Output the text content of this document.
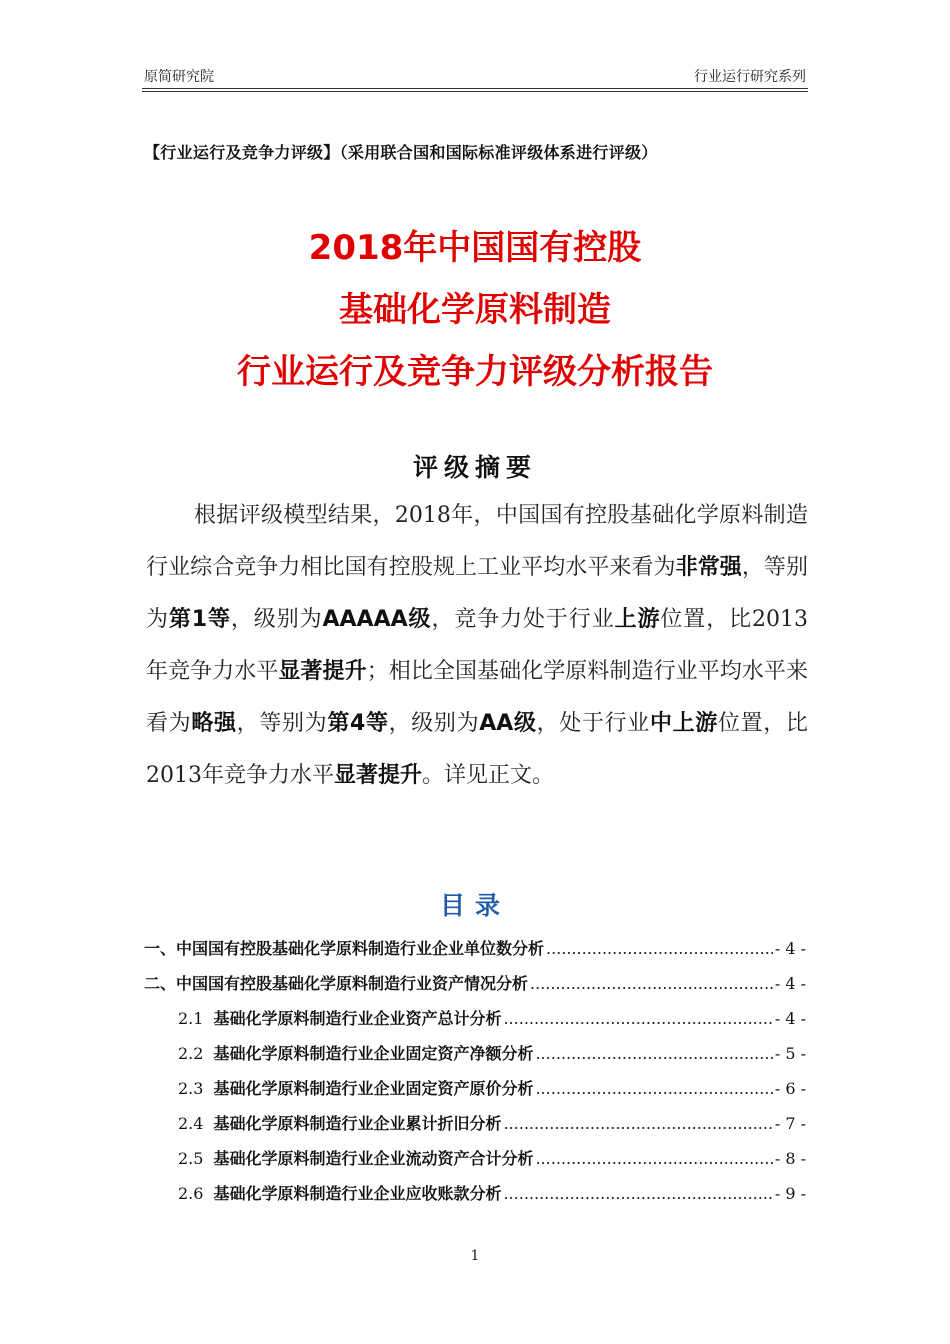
原简研究院	行业运行研究系列
【行业运行及竞争力评级】（采用联合国和国际标准评级体系进行评级）
2018年中国国有控股
基础化学原料制造
行业运行及竞争力评级分析报告
评级摘要
根据评级模型结果，2018年，中国国有控股基础化学原料制造行业综合竞争力相比国有控股规上工业平均水平来看为非常强，等别为第1等，级别为AAAAA级，竞争力处于行业上游位置，比2013年竞争力水平显著提升；相比全国基础化学原料制造行业平均水平来看为略强，等别为第4等，级别为AA级，处于行业中上游位置，比2013年竞争力水平显著提升。详见正文。
目录
一、中国国有控股基础化学原料制造行业企业单位数分析 .....	- 4 -
二、中国国有控股基础化学原料制造行业资产情况分析 .....	- 4 -
2.1 基础化学原料制造行业企业资产总计分析 .....	- 4 -
2.2 基础化学原料制造行业企业固定资产净额分析 .....	- 5 -
2.3 基础化学原料制造行业企业固定资产原价分析 .....	- 6 -
2.4 基础化学原料制造行业企业累计折旧分析 .....	- 7 -
2.5 基础化学原料制造行业企业流动资产合计分析 .....	- 8 -
2.6 基础化学原料制造行业企业应收账款分析 .....	- 9 -
1
